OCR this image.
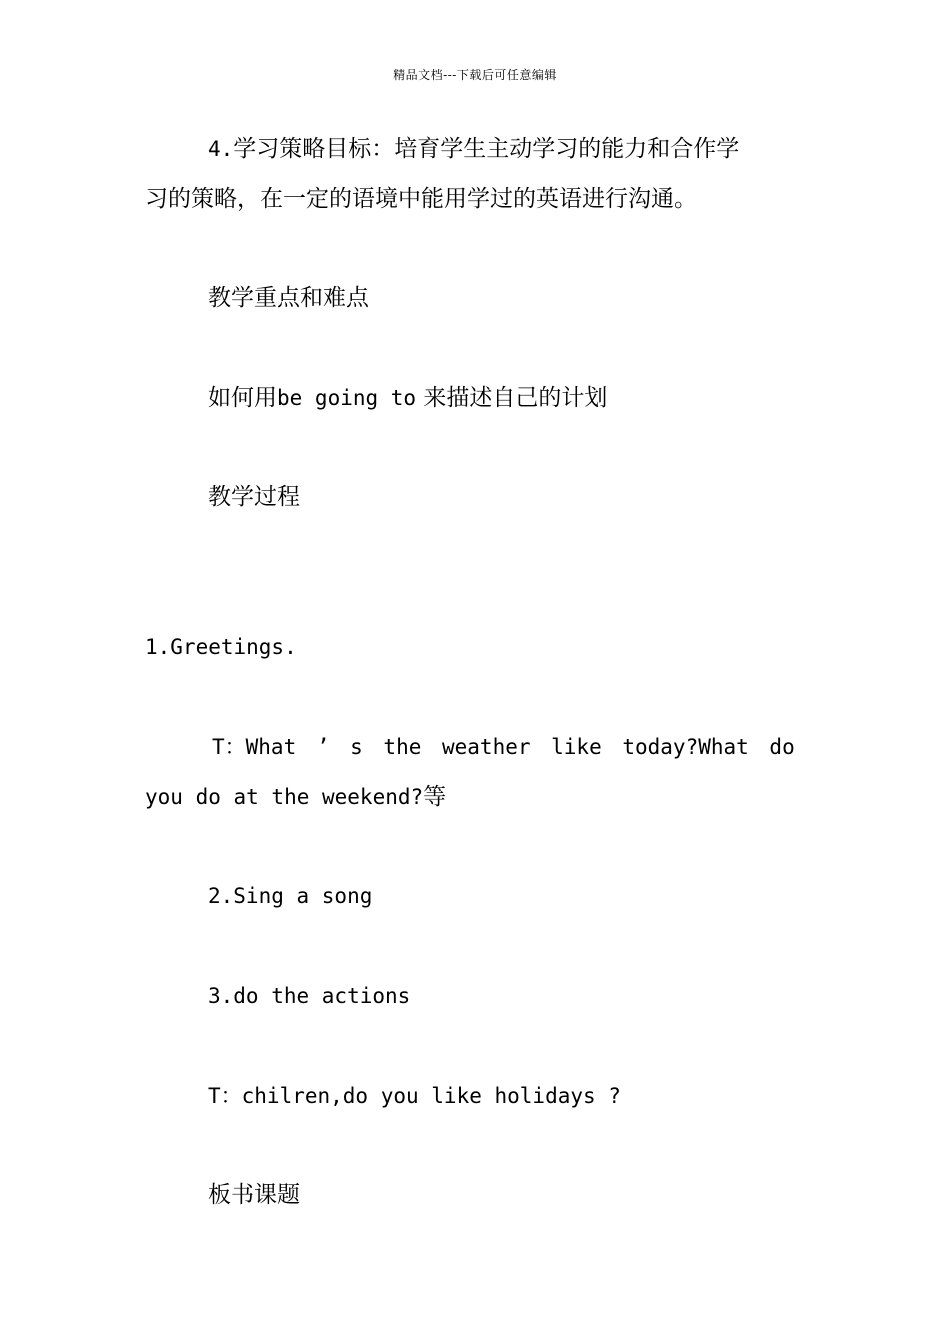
精品文档---下载后可任意编辑
4.学习策略目标：培育学生主动学习的能力和合作学
习的策略，在一定的语境中能用学过的英语进行沟通。
教学重点和难点
如何用be going to 来描述自己的计划
教学过程
1.Greetings.
T：What ’ s the weather like today?What do
you do at the weekend?等
2.Sing a song
3.do the actions
T：chilren,do you like holidays ?
板书课题
